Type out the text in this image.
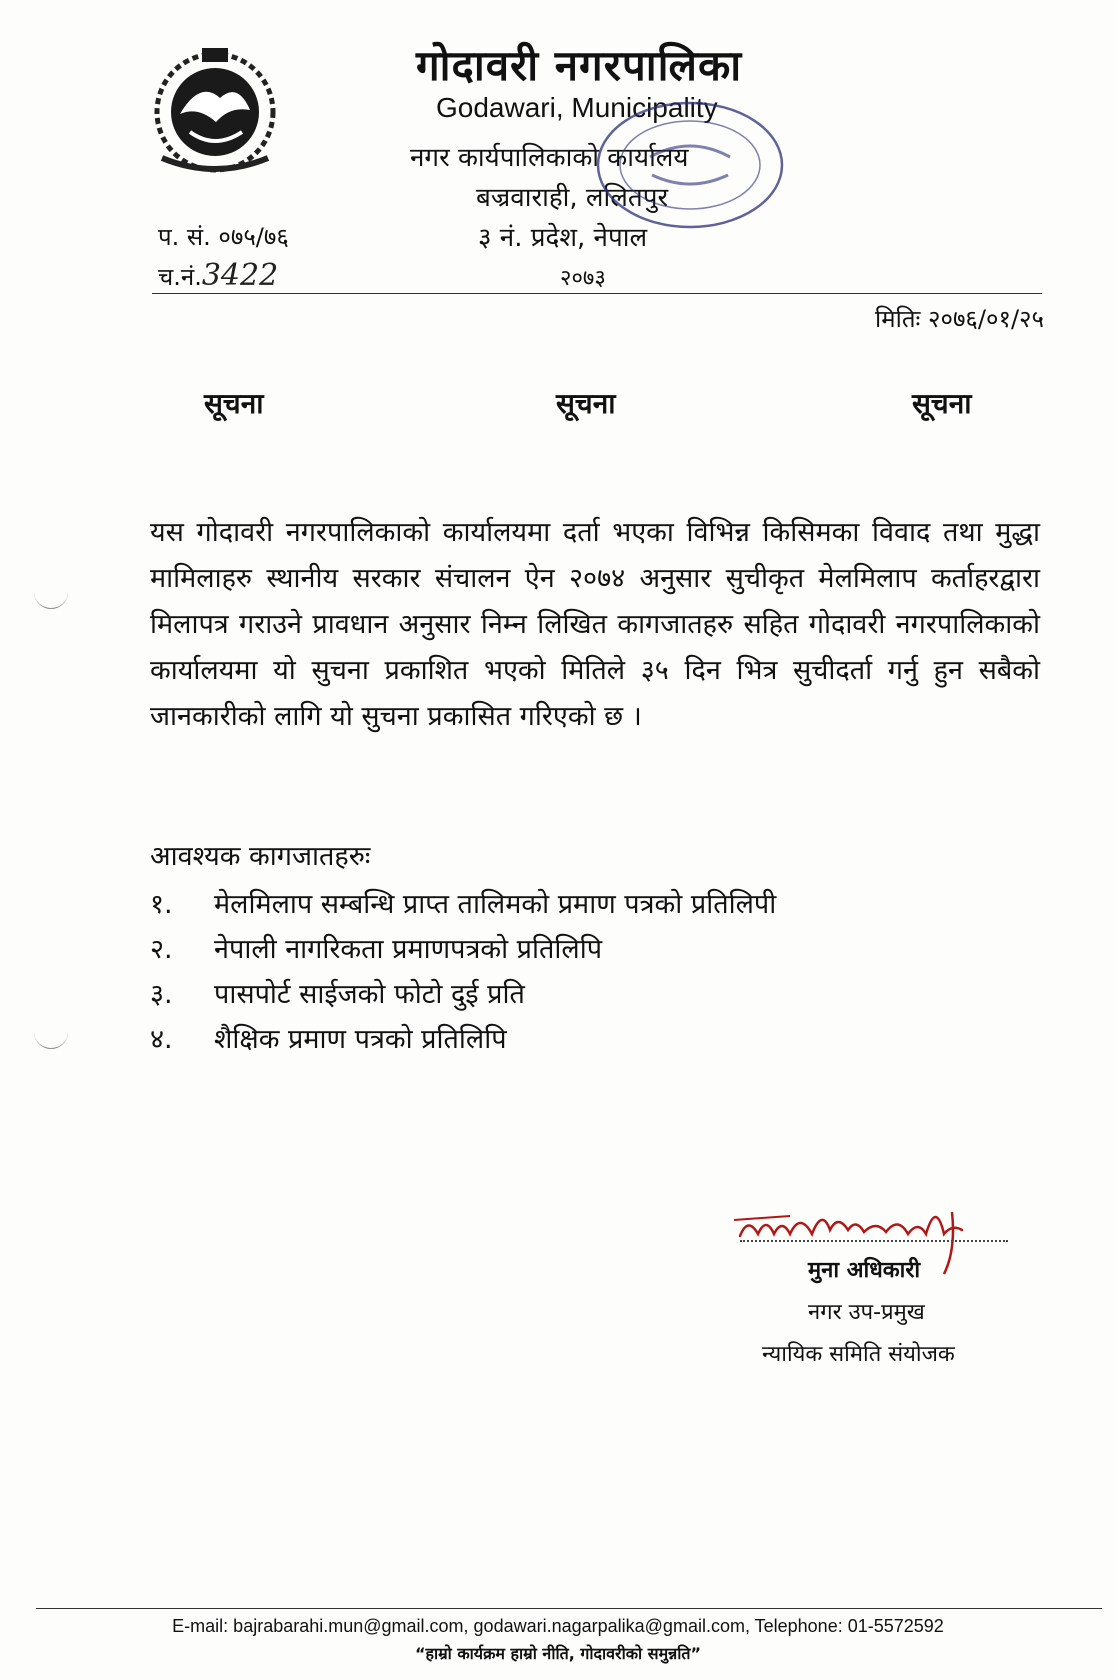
गोदावरी नगरपालिका
Godawari, Municipality
नगर कार्यपालिकाको कार्यालय
बज्रवाराही, ललितपुर
३ नं. प्रदेश, नेपाल
२०७३
प. सं. ०७५/७६
च.नं.3422
मितिः २०७६/०१/२५
सूचना	सूचना	सूचना
यस गोदावरी नगरपालिकाको कार्यालयमा दर्ता भएका विभिन्न किसिमका विवाद तथा मुद्धा मामिलाहरु स्थानीय सरकार संचालन ऐन २०७४ अनुसार सुचीकृत मेलमिलाप कर्ताहरद्वारा मिलापत्र गराउने प्रावधान अनुसार निम्न लिखित कागजातहरु सहित गोदावरी नगरपालिकाको कार्यालयमा यो सुचना प्रकाशित भएको मितिले ३५ दिन भित्र सुचीदर्ता गर्नु हुन सबैको जानकारीको लागि यो सुचना प्रकासित गरिएको छ ।
आवश्यक कागजातहरुः
१. मेलमिलाप सम्बन्धि प्राप्त तालिमको प्रमाण पत्रको प्रतिलिपी
२. नेपाली नागरिकता प्रमाणपत्रको प्रतिलिपि
३. पासपोर्ट साईजको फोटो दुई प्रति
४. शैक्षिक प्रमाण पत्रको प्रतिलिपि
मुना अधिकारी
नगर उप-प्रमुख
न्यायिक समिति संयोजक
E-mail: bajrabarahi.mun@gmail.com, godawari.nagarpalika@gmail.com, Telephone: 01-5572592
“हाम्रो कार्यक्रम हाम्रो नीति, गोदावरीको समुन्नति”
